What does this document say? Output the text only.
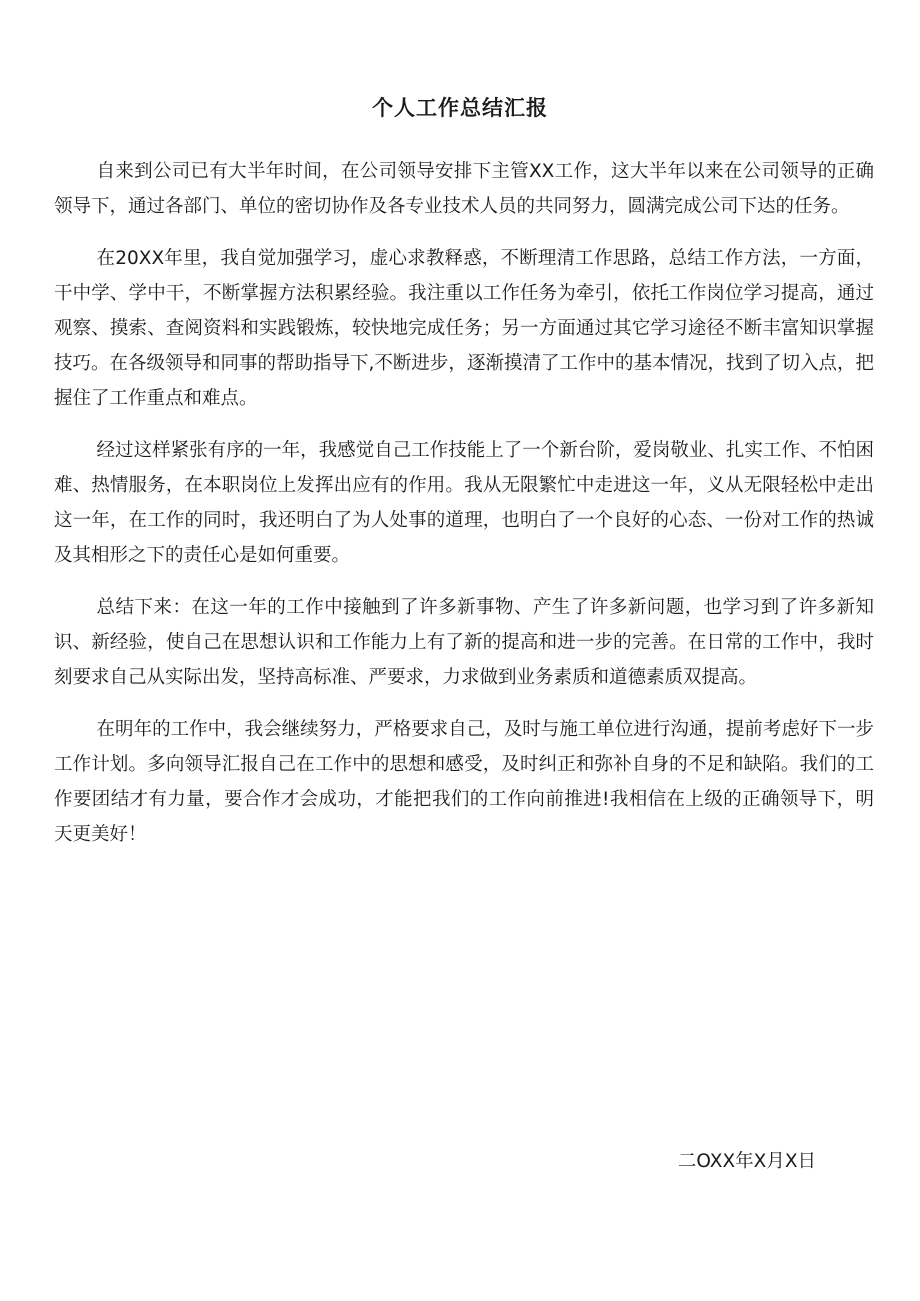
个人工作总结汇报

自来到公司已有大半年时间，在公司领导安排下主管XX工作，这大半年以来在公司领导的正确领导下，通过各部门、单位的密切协作及各专业技术人员的共同努力，圆满完成公司下达的任务。

在20XX年里，我自觉加强学习，虚心求教释惑，不断理清工作思路，总结工作方法，一方面，干中学、学中干，不断掌握方法积累经验。我注重以工作任务为牵引，依托工作岗位学习提高，通过观察、摸索、查阅资料和实践锻炼，较快地完成任务；另一方面通过其它学习途径不断丰富知识掌握技巧。在各级领导和同事的帮助指导下,不断进步，逐渐摸清了工作中的基本情况，找到了切入点，把握住了工作重点和难点。

经过这样紧张有序的一年，我感觉自己工作技能上了一个新台阶，爱岗敬业、扎实工作、不怕困难、热情服务，在本职岗位上发挥出应有的作用。我从无限繁忙中走进这一年，义从无限轻松中走出这一年，在工作的同时，我还明白了为人处事的道理，也明白了一个良好的心态、一份对工作的热诚及其相形之下的责任心是如何重要。

总结下来：在这一年的工作中接触到了许多新事物、产生了许多新问题，也学习到了许多新知识、新经验，使自己在思想认识和工作能力上有了新的提高和进一步的完善。在日常的工作中，我时刻要求自己从实际出发，坚持高标准、严要求，力求做到业务素质和道德素质双提高。

在明年的工作中，我会继续努力，严格要求自己，及时与施工单位进行沟通，提前考虑好下一步工作计划。多向领导汇报自己在工作中的思想和感受，及时纠正和弥补自身的不足和缺陷。我们的工作要团结才有力量，要合作才会成功，才能把我们的工作向前推进!我相信在上级的正确领导下，明天更美好！

二OXX年X月X日
